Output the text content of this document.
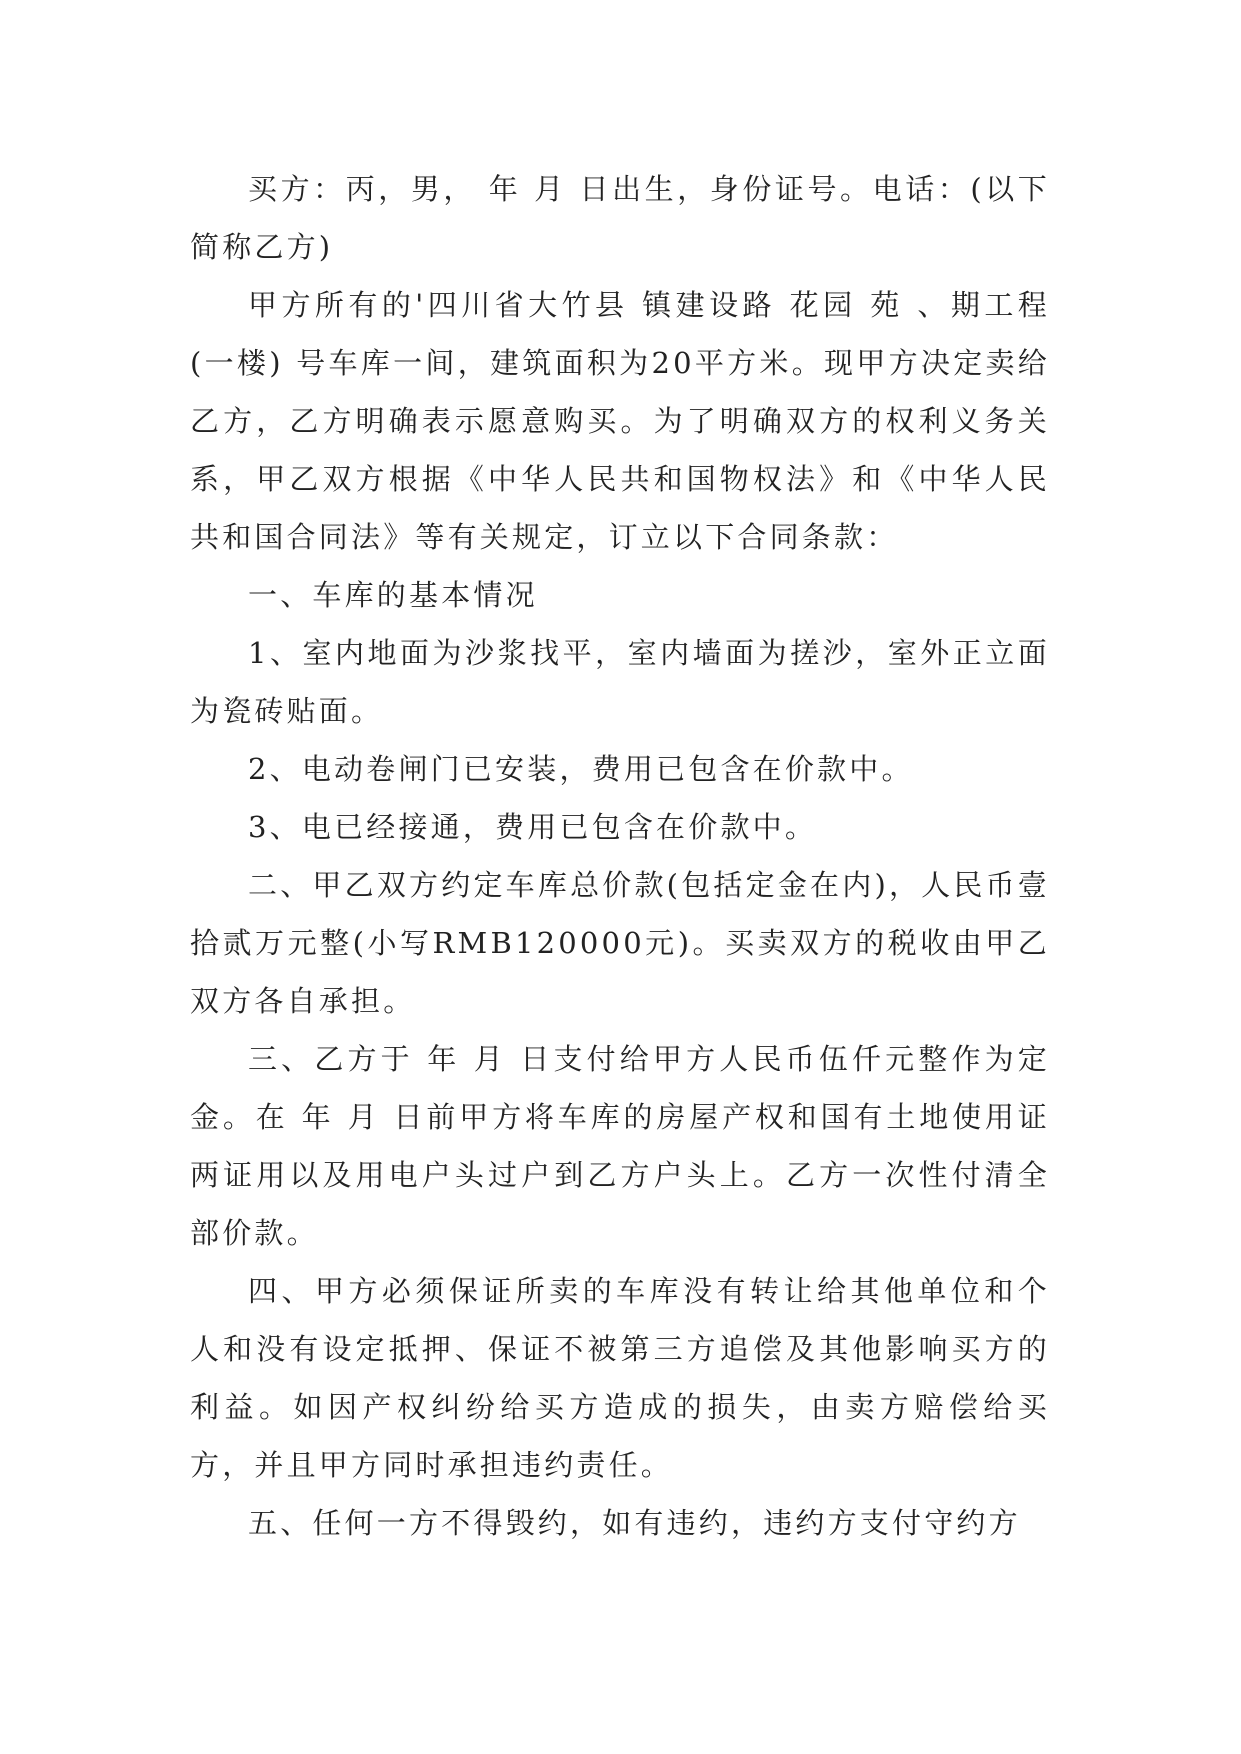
买方：丙，男， 年 月 日出生，身份证号。电话：(以下简称乙方)

甲方所有的'四川省大竹县 镇建设路 花园 苑 、期工程(一楼) 号车库一间，建筑面积为20平方米。现甲方决定卖给乙方，乙方明确表示愿意购买。为了明确双方的权利义务关系，甲乙双方根据《中华人民共和国物权法》和《中华人民共和国合同法》等有关规定，订立以下合同条款：

一、车库的基本情况

1、室内地面为沙浆找平，室内墙面为搓沙，室外正立面为瓷砖贴面。

2、电动卷闸门已安装，费用已包含在价款中。

3、电已经接通，费用已包含在价款中。

二、甲乙双方约定车库总价款(包括定金在内)，人民币壹拾贰万元整(小写RMB120000元)。买卖双方的税收由甲乙双方各自承担。

三、乙方于 年 月 日支付给甲方人民币伍仟元整作为定金。在 年 月 日前甲方将车库的房屋产权和国有土地使用证两证用以及用电户头过户到乙方户头上。乙方一次性付清全部价款。

四、甲方必须保证所卖的车库没有转让给其他单位和个人和没有设定抵押、保证不被第三方追偿及其他影响买方的利益。如因产权纠纷给买方造成的损失，由卖方赔偿给买方，并且甲方同时承担违约责任。

五、任何一方不得毁约，如有违约，违约方支付守约方
